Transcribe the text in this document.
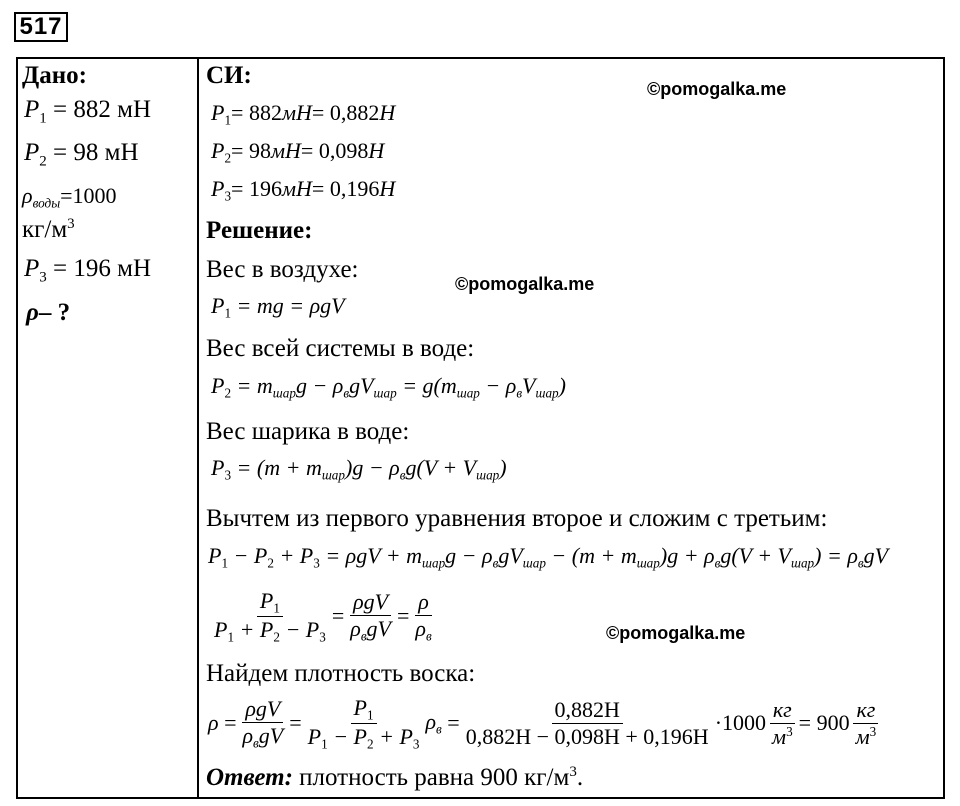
517
Дано:
$P_1 = 882$ мН
$P_2 = 98$ мН
$\rho_{воды}=1000$
$кг/м^3$
$P_3 = 196$ мН
ρ– ?
СИ:
$P_1= 882мН= 0,882Н$
$P_2= 98мН= 0,098Н$
$P_3= 196мН= 0,196Н$
Решение:
Вес в воздухе:
$P_1$ = mg = ρgV
Вес всей системы в воде:
$P_2 = m_{шар}g - \rho_вgV_{шар} = g(m_{шар} - \rho_вV_{шар})$
Вес шарика в воде:
$P_3 = (m + m_{шар})g - \rho_вg(V + V_{шар})$
Вычтем из первого уравнения второе и сложим с третьим:
$P_1 - P_2 + P_3 = \rho gV + m_{шар}g - \rho_вgV_{шар} - (m + m_{шар})g + \rho_вg(V + V_{шар}) = \rho_вgV$
$\frac{P_1}{P_1 + P_2 - P_3} = \frac{\text{ρgV}}{\rho_вgV} = \frac{\rho}{\rho_в}$
Найдем плотность воска:
$\rho = \frac{\text{ρgV}}{\rho_вgV} = \frac{P_1}{P_1 - P_2 + P_3} \rho_в = \frac{0,882Н}{0,882Н - 0,098Н + 0,196Н} \cdot 1000 \frac{кг}{м^3} = 900 \frac{кг}{м^3}$
Ответ: плотность равна 900 $кг/м^3$.
©pomogalka.me
©pomogalka.me
©pomogalka.me
